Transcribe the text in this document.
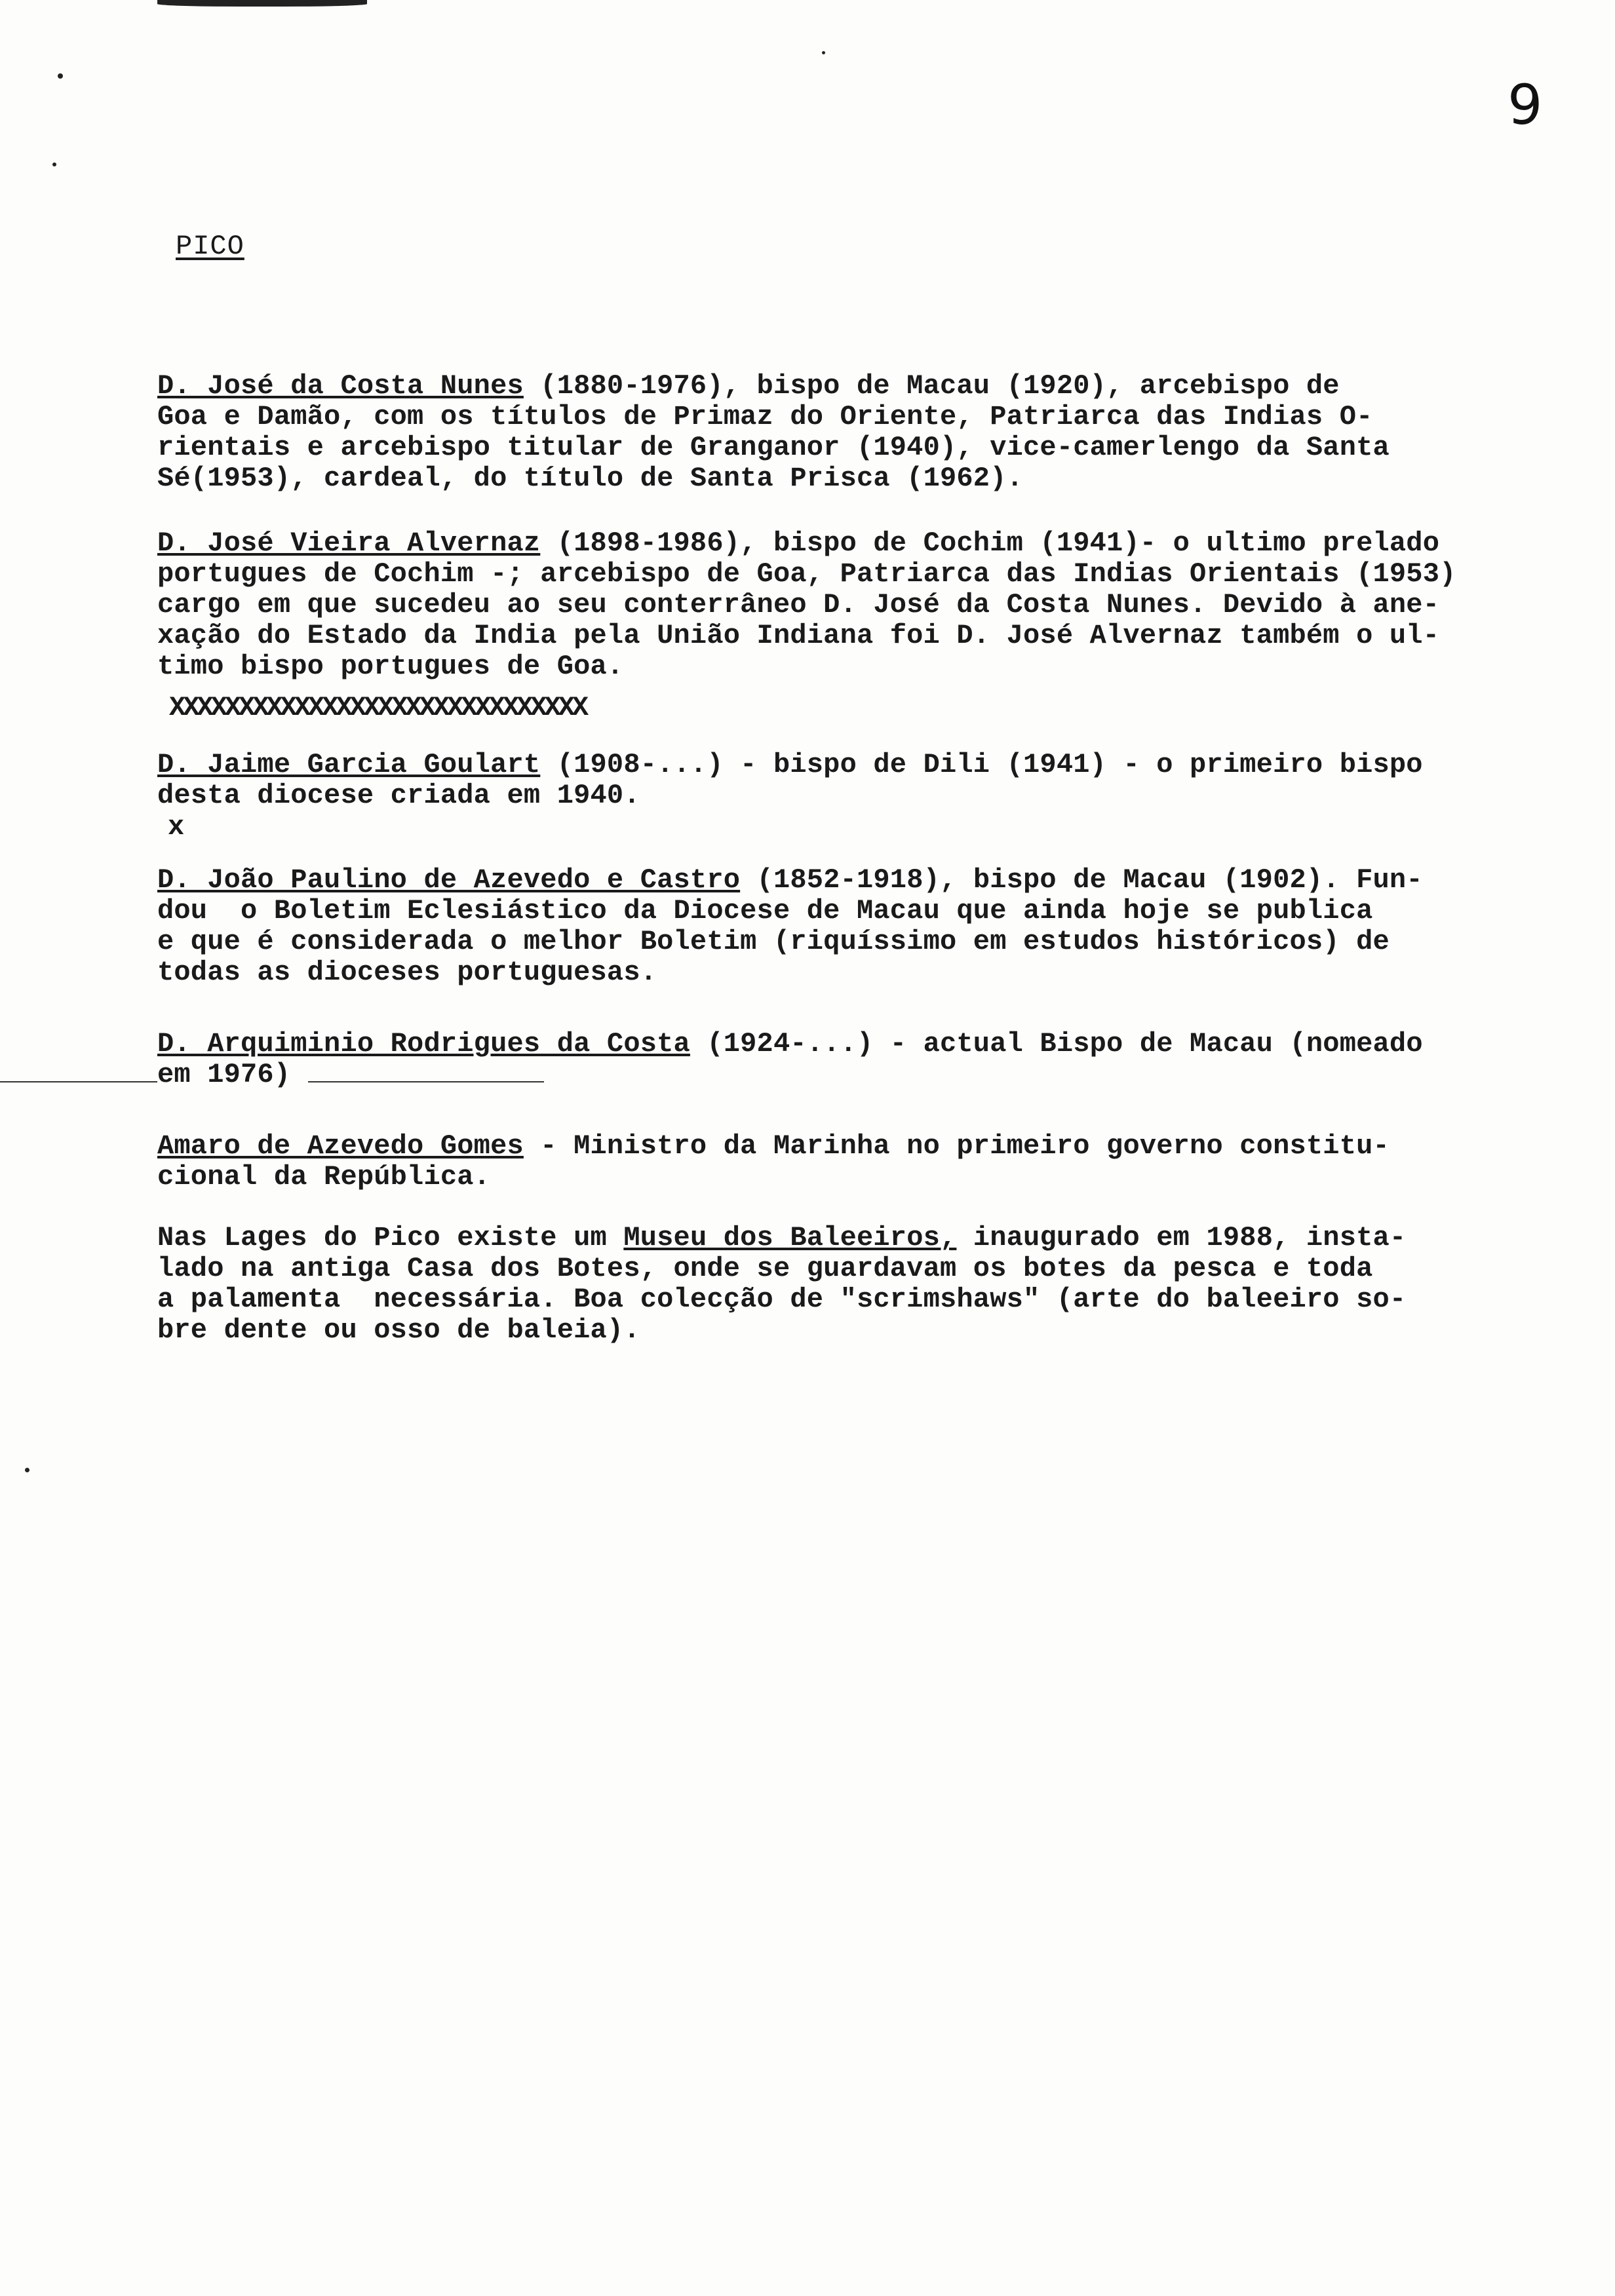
9
PICO
D. José da Costa Nunes (1880-1976), bispo de Macau (1920), arcebispo de
Goa e Damão, com os títulos de Primaz do Oriente, Patriarca das Indias O-
rientais e arcebispo titular de Granganor (1940), vice-camerlengo da Santa
Sé(1953), cardeal, do título de Santa Prisca (1962).
D. José Vieira Alvernaz (1898-1986), bispo de Cochim (1941)- o ultimo prelado
portugues de Cochim -; arcebispo de Goa, Patriarca das Indias Orientais (1953)
cargo em que sucedeu ao seu conterrâneo D. José da Costa Nunes. Devido à ane-
xação do Estado da India pela União Indiana foi D. José Alvernaz também o ul-
timo bispo portugues de Goa.
XXXXXXXXXXXXXXXXXXXXXXXXXXXXXX
D. Jaime Garcia Goulart (1908-...) - bispo de Dili (1941) - o primeiro bispo
desta diocese criada em 1940.
x
D. João Paulino de Azevedo e Castro (1852-1918), bispo de Macau (1902). Fun-
dou  o Boletim Eclesiástico da Diocese de Macau que ainda hoje se publica
e que é considerada o melhor Boletim (riquíssimo em estudos históricos) de
todas as dioceses portuguesas.
D. Arquiminio Rodrigues da Costa (1924-...) - actual Bispo de Macau (nomeado
em 1976)
Amaro de Azevedo Gomes - Ministro da Marinha no primeiro governo constitu-
cional da República.
Nas Lages do Pico existe um Museu dos Baleeiros, inaugurado em 1988, insta-
lado na antiga Casa dos Botes, onde se guardavam os botes da pesca e toda
a palamenta  necessária. Boa colecção de "scrimshaws" (arte do baleeiro so-
bre dente ou osso de baleia).
